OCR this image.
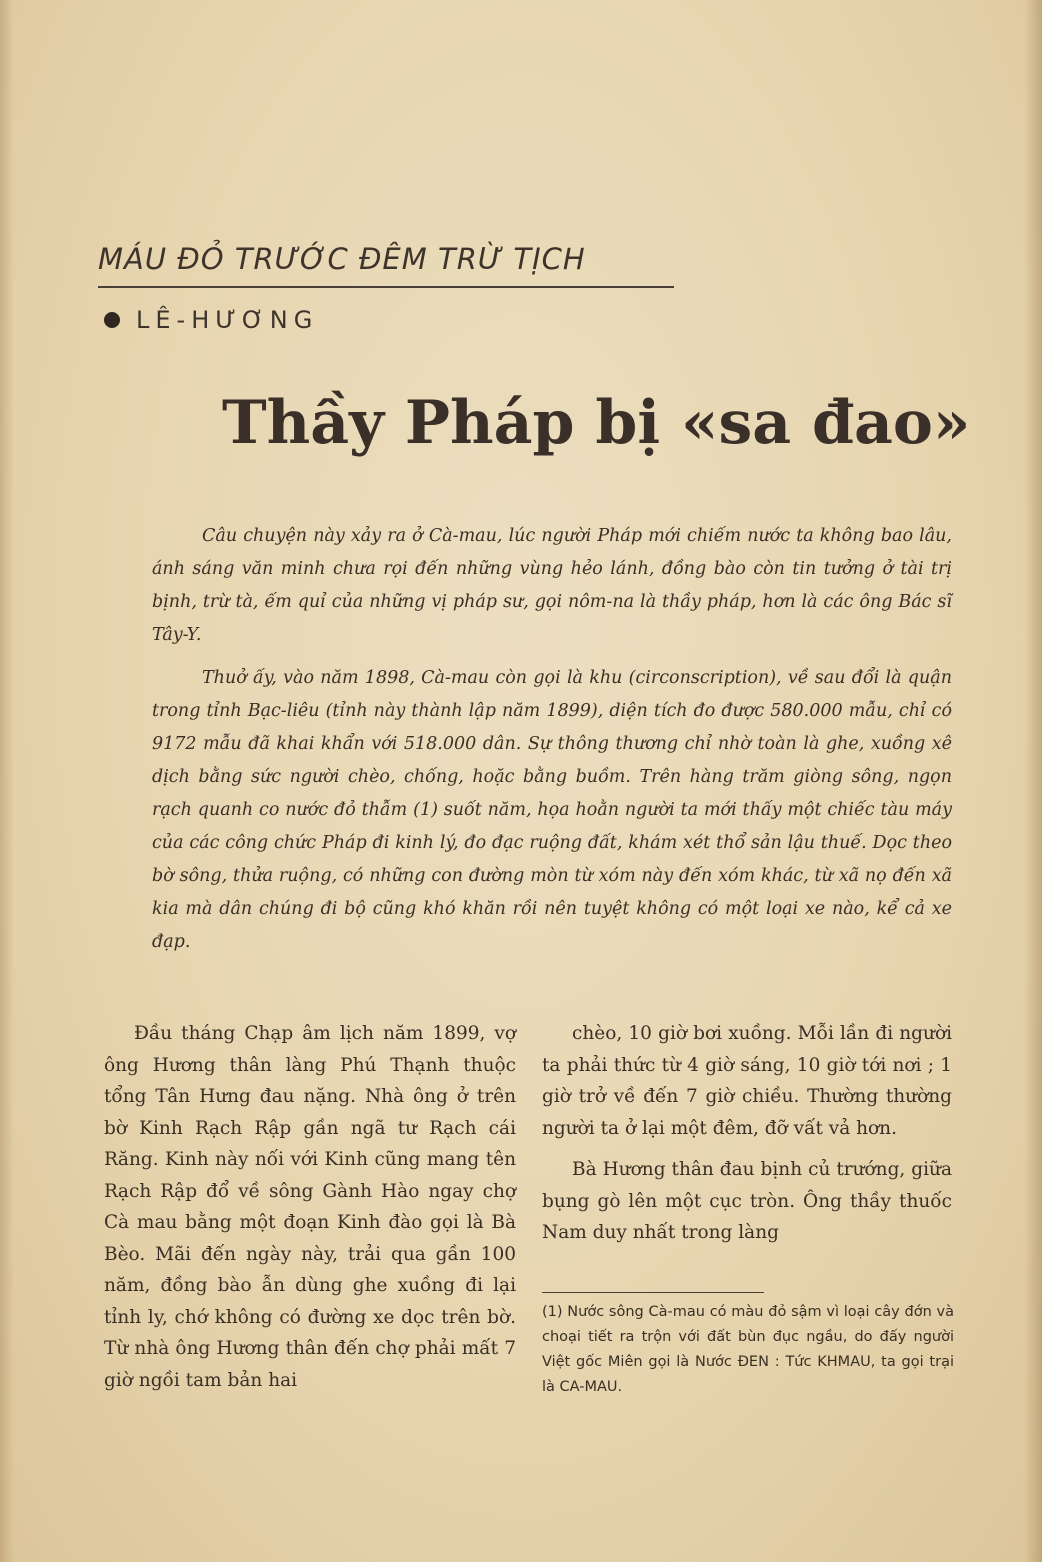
MÁU ĐỎ TRƯỚC ĐÊM TRỪ TỊCH
LÊ-HƯƠNG
Thầy Pháp bị «sa đao»

Câu chuyện này xảy ra ở Cà-mau, lúc người Pháp mới chiếm nước ta không bao lâu, ánh sáng văn minh chưa rọi đến những vùng hẻo lánh, đồng bào còn tin tưởng ở tài trị bịnh, trừ tà, ếm quỉ của những vị pháp sư, gọi nôm-na là thầy pháp, hơn là các ông Bác sĩ Tây-Y.

Thuở ấy, vào năm 1898, Cà-mau còn gọi là khu (circonscription), về sau đổi là quận trong tỉnh Bạc-liêu (tỉnh này thành lập năm 1899), diện tích đo được 580.000 mẫu, chỉ có 9172 mẫu đã khai khẩn với 518.000 dân. Sự thông thương chỉ nhờ toàn là ghe, xuồng xê dịch bằng sức người chèo, chống, hoặc bằng buồm. Trên hàng trăm giòng sông, ngọn rạch quanh co nước đỏ thẫm (1) suốt năm, họa hoằn người ta mới thấy một chiếc tàu máy của các công chức Pháp đi kinh lý, đo đạc ruộng đất, khám xét thổ sản lậu thuế. Dọc theo bờ sông, thửa ruộng, có những con đường mòn từ xóm này đến xóm khác, từ xã nọ đến xã kia mà dân chúng đi bộ cũng khó khăn rồi nên tuyệt không có một loại xe nào, kể cả xe đạp.

Đầu tháng Chạp âm lịch năm 1899, vợ ông Hương thân làng Phú Thạnh thuộc tổng Tân Hưng đau nặng. Nhà ông ở trên bờ Kinh Rạch Rập gần ngã tư Rạch cái Răng. Kinh này nối với Kinh cũng mang tên Rạch Rập đổ về sông Gành Hào ngay chợ Cà mau bằng một đoạn Kinh đào gọi là Bà Bèo. Mãi đến ngày này, trải qua gần 100 năm, đồng bào ẫn dùng ghe xuồng đi lại tỉnh ly, chớ không có đường xe dọc trên bờ. Từ nhà ông Hương thân đến chợ phải mất 7 giờ ngồi tam bản hai

chèo, 10 giờ bơi xuồng. Mỗi lần đi người ta phải thức từ 4 giờ sáng, 10 giờ tới nơi ; 1 giờ trở về đến 7 giờ chiều. Thường thường người ta ở lại một đêm, đỡ vất vả hơn.

Bà Hương thân đau bịnh củ trướng, giữa bụng gò lên một cục tròn. Ông thầy thuốc Nam duy nhất trong làng

(1) Nước sông Cà-mau có màu đỏ sậm vì loại cây đớn và choại tiết ra trộn với đất bùn đục ngầu, do đấy người Việt gốc Miên gọi là Nước ĐEN : Tức KHMAU, ta gọi trại là CA-MAU.
